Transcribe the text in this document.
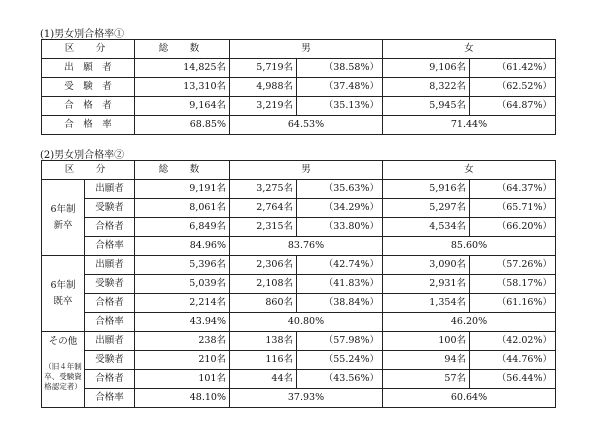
(1)男女別合格率①
区　分	総　数	男		女	
出　願　者	14,825名	5,719名	（38.58%）	9,106名	（61.42%）
受　験　者	13,310名	4,988名	（37.48%）	8,322名	（62.52%）
合　格　者	9,164名	3,219名	（35.13%）	5,945名	（64.87%）
合　格　率	68.85%	64.53%		71.44%	
(2)男女別合格率②
区　分		総　数	男		女	
6年制
新卒	出願者	9,191名	3,275名	（35.63%）	5,916名	（64.37%）
	受験者	8,061名	2,764名	（34.29%）	5,297名	（65.71%）
	合格者	6,849名	2,315名	（33.80%）	4,534名	（66.20%）
	合格率	84.96%	83.76%		85.60%	
6年制
既卒	出願者	5,396名	2,306名	（42.74%）	3,090名	（57.26%）
	受験者	5,039名	2,108名	（41.83%）	2,931名	（58.17%）
	合格者	2,214名	860名	（38.84%）	1,354名	（61.16%）
	合格率	43.94%	40.80%		46.20%	

その他
（旧４年制卒、受験資格認定者）	出願者	238名	138名	（57.98%）	100名	（42.02%）
	受験者	210名	116名	（55.24%）	94名	（44.76%）
	合格者	101名	44名	（43.56%）	57名	（56.44%）
	合格率	48.10%	37.93%		60.64%	
